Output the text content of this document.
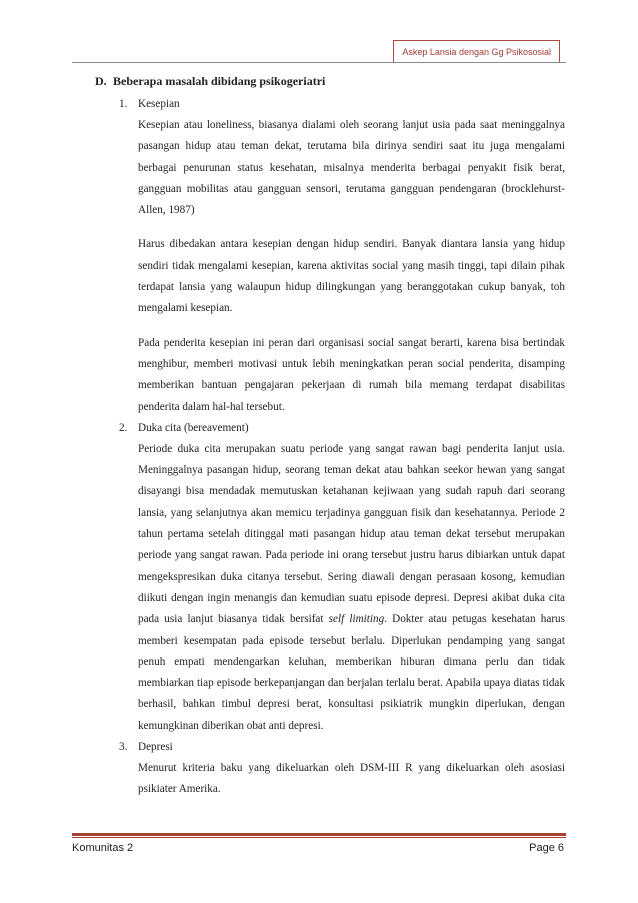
Askep Lansia dengan Gg Psikososial
D. Beberapa masalah dibidang psikogeriatri
1. Kesepian
Kesepian atau loneliness, biasanya dialami oleh seorang lanjut usia pada saat meninggalnya pasangan hidup atau teman dekat, terutama bila dirinya sendiri saat itu juga mengalami berbagai penurunan status kesehatan, misalnya menderita berbagai penyakit fisik berat, gangguan mobilitas atau gangguan sensori, terutama gangguan pendengaran (brocklehurst-Allen, 1987)
Harus dibedakan antara kesepian dengan hidup sendiri. Banyak diantara lansia yang hidup sendiri tidak mengalami kesepian, karena aktivitas social yang masih tinggi, tapi dilain pihak terdapat lansia yang walaupun hidup dilingkungan yang beranggotakan cukup banyak, toh mengalami kesepian.
Pada penderita kesepian ini peran dari organisasi social sangat berarti, karena bisa bertindak menghibur, memberi motivasi untuk lebih meningkatkan peran social penderita, disamping memberikan bantuan pengajaran pekerjaan di rumah bila memang terdapat disabilitas penderita dalam hal-hal tersebut.
2. Duka cita (bereavement)
Periode duka cita merupakan suatu periode yang sangat rawan bagi penderita lanjut usia. Meninggalnya pasangan hidup, seorang teman dekat atau bahkan seekor hewan yang sangat disayangi bisa mendadak memutuskan ketahanan kejiwaan yang sudah rapuh dari seorang lansia, yang selanjutnya akan memicu terjadinya gangguan fisik dan kesehatannya. Periode 2 tahun pertama setelah ditinggal mati pasangan hidup atau teman dekat tersebut merupakan periode yang sangat rawan. Pada periode ini orang tersebut justru harus dibiarkan untuk dapat mengekspresikan duka citanya tersebut. Sering diawali dengan perasaan kosong, kemudian diikuti dengan ingin menangis dan kemudian suatu episode depresi. Depresi akibat duka cita pada usia lanjut biasanya tidak bersifat self limiting. Dokter atau petugas kesehatan harus memberi kesempatan pada episode tersebut berlalu. Diperlukan pendamping yang sangat penuh empati mendengarkan keluhan, memberikan hiburan dimana perlu dan tidak membiarkan tiap episode berkepanjangan dan berjalan terlalu berat. Apabila upaya diatas tidak berhasil, bahkan timbul depresi berat, konsultasi psikiatrik mungkin diperlukan, dengan kemungkinan diberikan obat anti depresi.
3. Depresi
Menurut kriteria baku yang dikeluarkan oleh DSM-III R yang dikeluarkan oleh asosiasi psikiater Amerika.
Komunitas 2	Page 6
